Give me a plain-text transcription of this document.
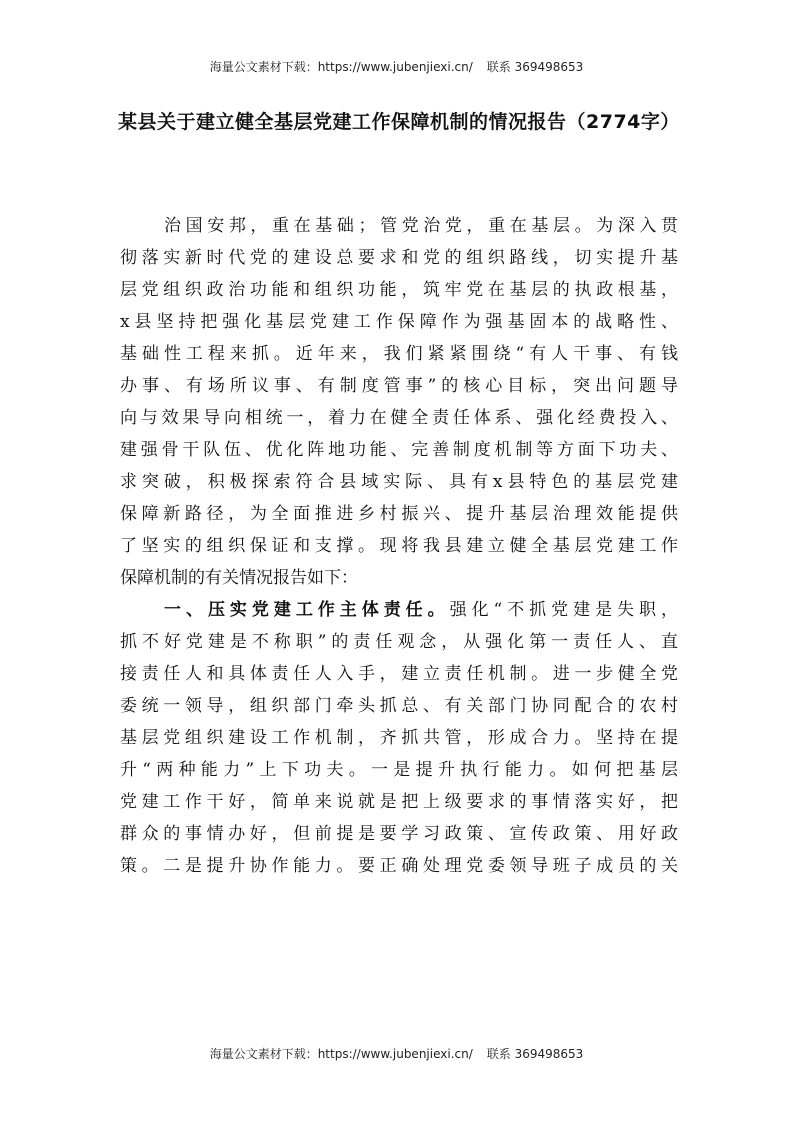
海量公文素材下载：https://www.jubenjiexi.cn/ 联系 369498653
某县关于建立健全基层党建工作保障机制的情况报告（2774字）
治国安邦，重在基础；管党治党，重在基层。为深入贯
彻落实新时代党的建设总要求和党的组织路线，切实提升基
层党组织政治功能和组织功能，筑牢党在基层的执政根基，
x县坚持把强化基层党建工作保障作为强基固本的战略性、
基础性工程来抓。近年来，我们紧紧围绕“有人干事、有钱
办事、有场所议事、有制度管事”的核心目标，突出问题导
向与效果导向相统一，着力在健全责任体系、强化经费投入、
建强骨干队伍、优化阵地功能、完善制度机制等方面下功夫、
求突破，积极探索符合县域实际、具有x县特色的基层党建
保障新路径，为全面推进乡村振兴、提升基层治理效能提供
了坚实的组织保证和支撑。现将我县建立健全基层党建工作
保障机制的有关情况报告如下：
一、压实党建工作主体责任。强化“不抓党建是失职，
抓不好党建是不称职”的责任观念，从强化第一责任人、直
接责任人和具体责任人入手，建立责任机制。进一步健全党
委统一领导，组织部门牵头抓总、有关部门协同配合的农村
基层党组织建设工作机制，齐抓共管，形成合力。坚持在提
升“两种能力”上下功夫。一是提升执行能力。如何把基层
党建工作干好，简单来说就是把上级要求的事情落实好，把
群众的事情办好，但前提是要学习政策、宣传政策、用好政
策。二是提升协作能力。要正确处理党委领导班子成员的关
海量公文素材下载：https://www.jubenjiexi.cn/ 联系 369498653
